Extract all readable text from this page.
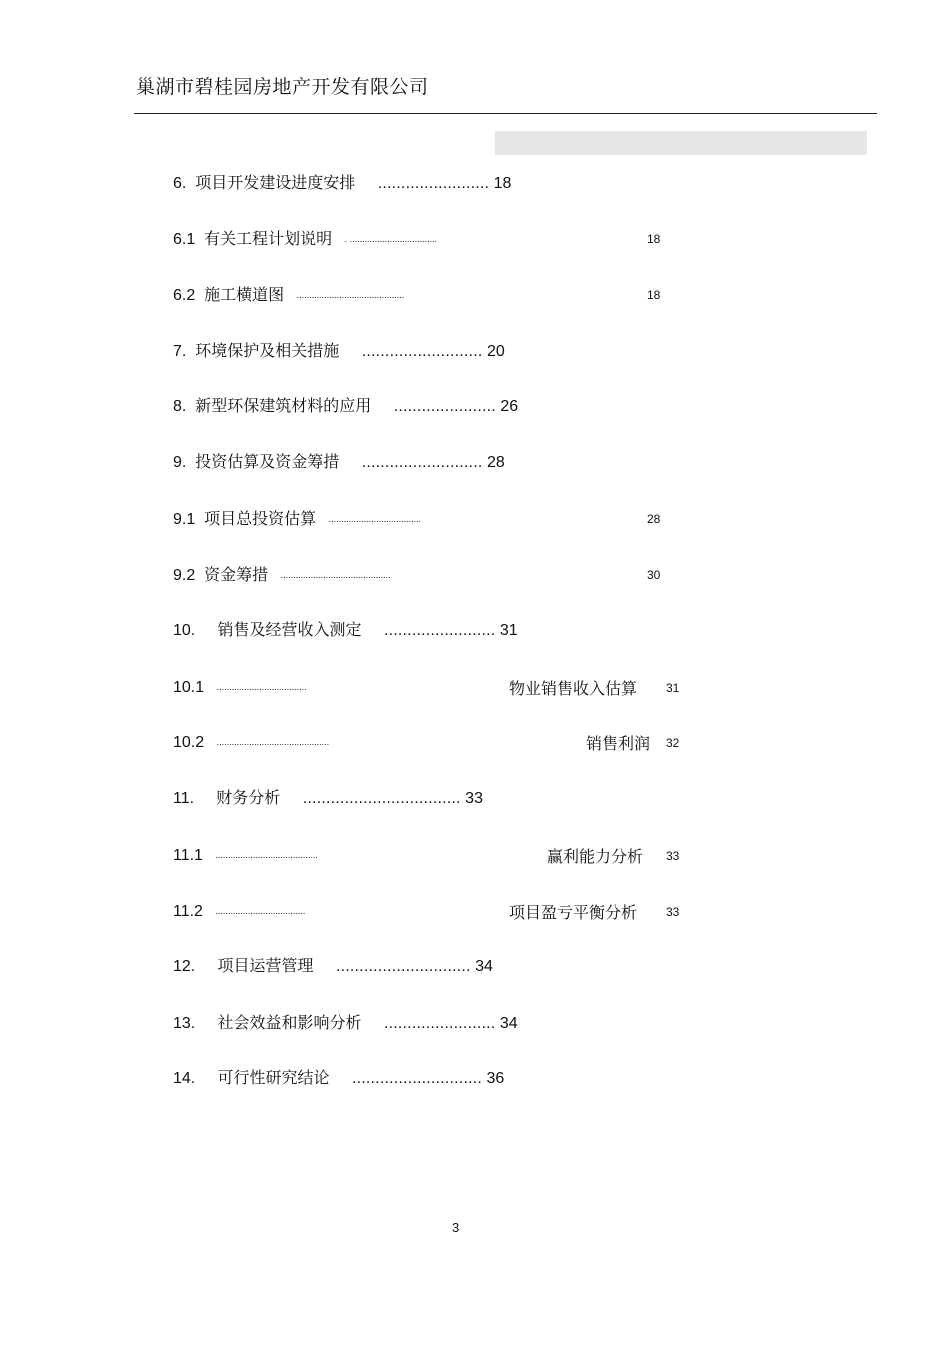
巢湖市碧桂园房地产开发有限公司
6. 项目开发建设进度安排 ........................ 18
6.1 有关工程计划说明 . ...................................	18
6.2 施工横道图 ...........................................	18
7. 环境保护及相关措施 .......................... 20
8. 新型环保建筑材料的应用 ...................... 26
9. 投资估算及资金筹措 .......................... 28
9.1 项目总投资估算 .....................................	28
9.2 资金筹措 ............................................	30
10. 销售及经营收入测定 ........................ 31
10.1 ....................................	物业销售收入估算 31
10.2 .............................................	销售利润 32
11. 财务分析 .................................. 33
11.1 .........................................	赢利能力分析 33
11.2 ....................................	项目盈亏平衡分析 33
12. 项目运营管理 ............................. 34
13. 社会效益和影响分析 ........................ 34
14. 可行性研究结论 ............................ 36
3
